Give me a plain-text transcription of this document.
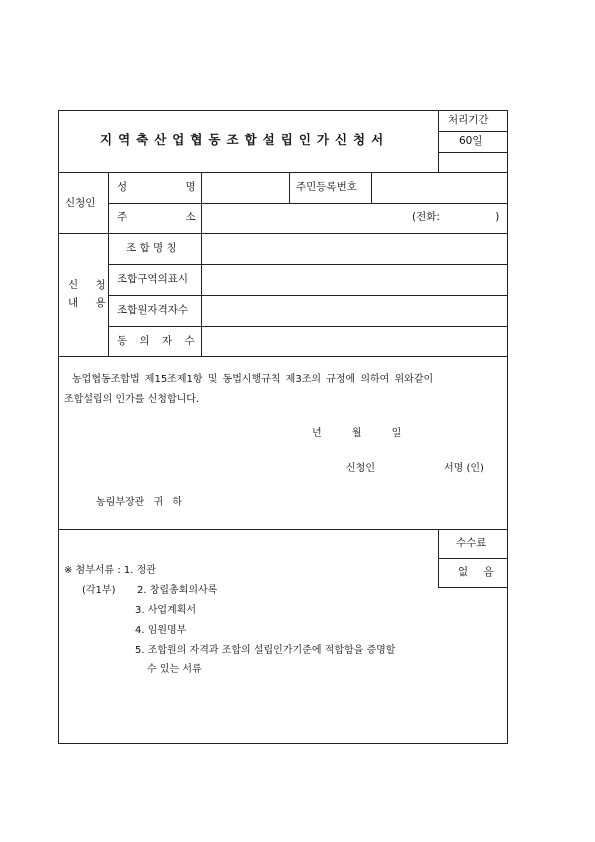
지역축산업협동조합설립인가신청서
처리기간
60일
신청인
성 명	주민등록번호
주 소	(전화: )
신 청
내 용
조 합 명 칭
조합구역의표시
조합원자격자수
동 의 자 수
농업협동조합법 제15조제1항 및 동법시행규칙 제3조의 규정에 의하여 위와같이
조합설립의 인가를 신청합니다.
년 월 일
신청인	서명 (인)
농림부장관 귀 하
수수료
없 음
※ 첨부서류 : 1. 정관
(각1부) 2. 창립총회의사록
3. 사업계획서
4. 임원명부
5. 조합원의 자격과 조합의 설립인가기준에 적합함을 증명할
수 있는 서류
